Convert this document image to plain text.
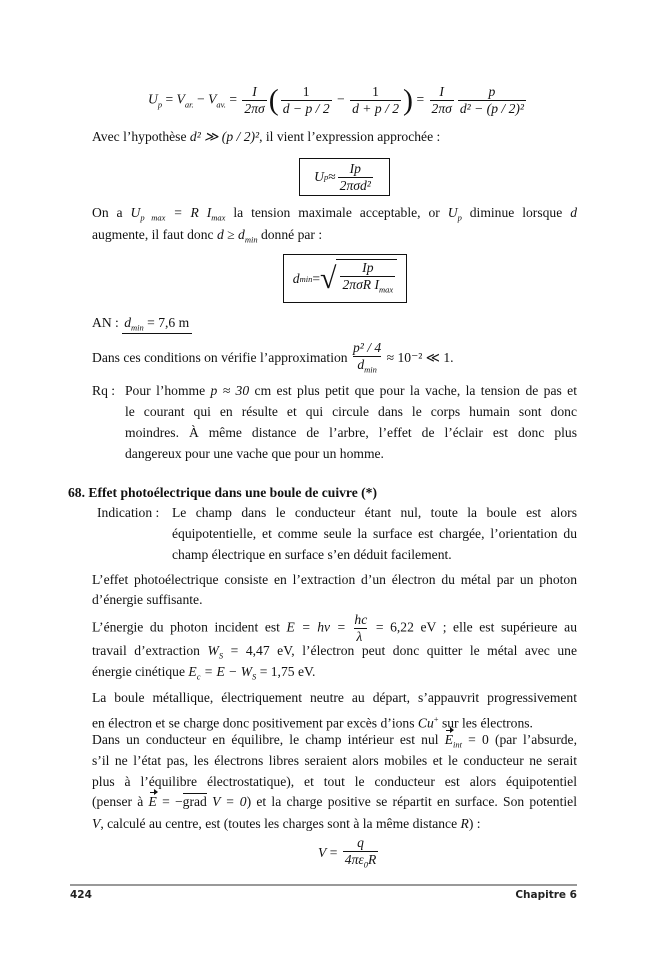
$U_p = V_{ar.} - V_{av.} = \frac{I}{2\pi\sigma}$ ( $\frac{1}{d - p / 2} - \frac{1}{d + p / 2}$ ) = $\frac{I}{2\pi\sigma} \frac{p}{\text{d² − (p / 2)²}}$
Avec l’hypothèse d² ≫ (p / 2)², il vient l’expression approchée :
U $p \approx \frac{Ip}{\text{2πσd²}}$
On a $U_{p max} = R$ $I_{max}$ la tension maximale acceptable, or $U_p$ diminue lorsque d
augmente, il faut donc $d \ge d_{min}$ donné par :
d min = √ $\frac{Ip}{2\pi\sigma R I_{max}}$
AN : $d_{min} = 7,6$ m
Dans ces conditions on vérifie l’approximation $\frac{\text{p² / 4}}{d_{min}} \approx 10^{-2}$ ≪ 1.
Rq : Pour l’homme p ≈ 30 cm est plus petit que pour la vache, la tension de pas et
le courant qui en résulte et qui circule dans le corps humain sont donc
moindres. À même distance de l’arbre, l’effet de l’éclair est donc plus
dangereux pour une vache que pour un homme.
68. Effet photoélectrique dans une boule de cuivre (*)
Indication : Le champ dans le conducteur étant nul, toute la boule est alors
équipotentielle, et comme seule la surface est chargée, l’orientation du
champ électrique en surface s’en déduit facilement.
L’effet photoélectrique consiste en l’extraction d’un électron du métal par un photon
d’énergie suffisante.
L’énergie du photon incident est $E = h\nu = \frac{hc}{\lambda} = 6,22$ eV ; elle est supérieure au
travail d’extraction $W_S = 4,47$ eV, l’électron peut donc quitter le métal avec une
énergie cinétique $E_c = E - W_S = 1,75$ eV.
La boule métallique, électriquement neutre au départ, s’appauvrit progressivement
en électron et se charge donc positivement par excès d’ions Cu+ sur les électrons.
Dans un conducteur en équilibre, le champ intérieur est nul $E_{int} = 0$ (par l’absurde,
s’il ne l’état pas, les électrons libres seraient alors mobiles et le conducteur ne serait
plus à l’équilibre électrostatique), et tout le conducteur est alors équipotentiel
(penser à E = −grad V = 0) et la charge positive se répartit en surface. Son potentiel
V, calculé au centre, est (toutes les charges sont à la même distance R) :
$V = \frac{q}{4\pi\varepsilon_0R}$
424	Chapitre 6
